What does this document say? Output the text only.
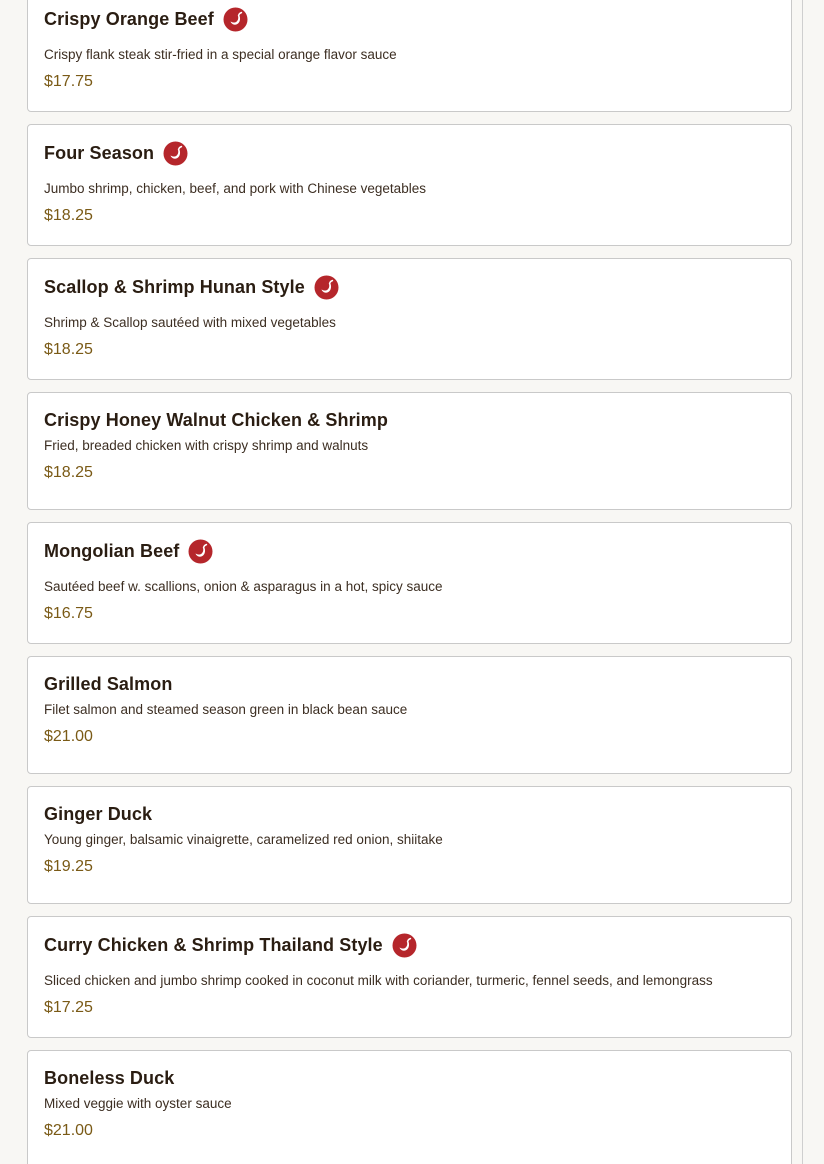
Crispy Orange Beef
Crispy flank steak stir-fried in a special orange flavor sauce
$17.75
Four Season
Jumbo shrimp, chicken, beef, and pork with Chinese vegetables
$18.25
Scallop & Shrimp Hunan Style
Shrimp & Scallop sautéed with mixed vegetables
$18.25
Crispy Honey Walnut Chicken & Shrimp
Fried, breaded chicken with crispy shrimp and walnuts
$18.25
Mongolian Beef
Sautéed beef w. scallions, onion & asparagus in a hot, spicy sauce
$16.75
Grilled Salmon
Filet salmon and steamed season green in black bean sauce
$21.00
Ginger Duck
Young ginger, balsamic vinaigrette, caramelized red onion, shiitake
$19.25
Curry Chicken & Shrimp Thailand Style
Sliced chicken and jumbo shrimp cooked in coconut milk with coriander, turmeric, fennel seeds, and lemongrass
$17.25
Boneless Duck
Mixed veggie with oyster sauce
$21.00
